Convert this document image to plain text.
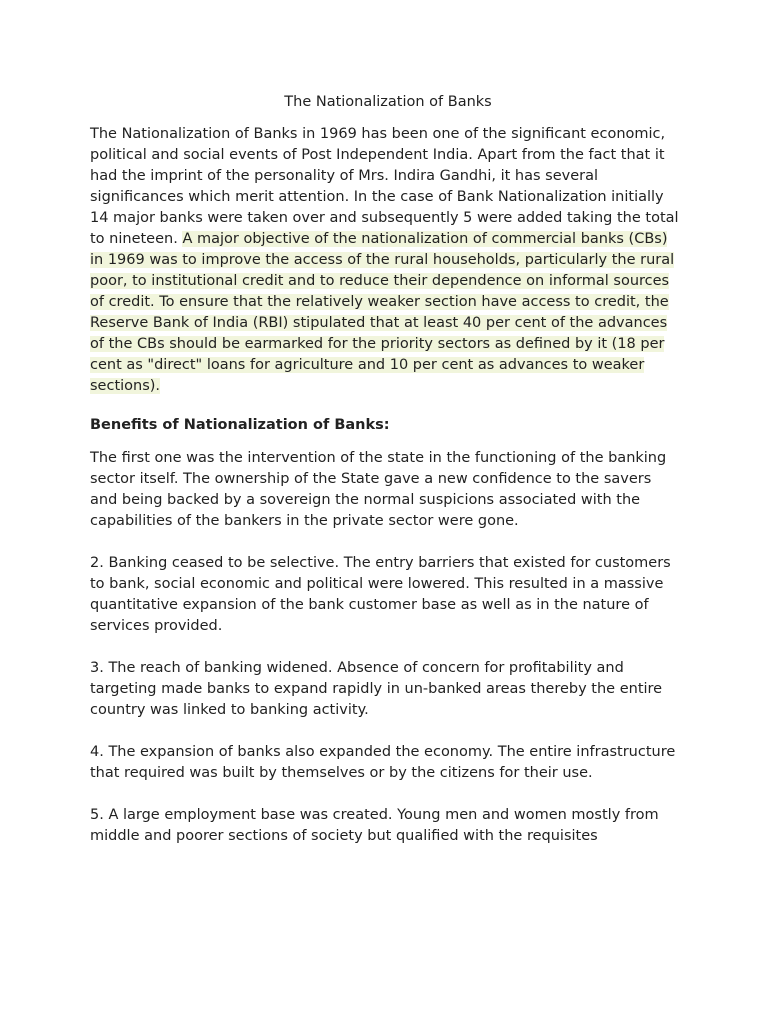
The Nationalization of Banks

The Nationalization of Banks in 1969 has been one of the significant economic, political and social events of Post Independent India. Apart from the fact that it had the imprint of the personality of Mrs. Indira Gandhi, it has several significances which merit attention. In the case of Bank Nationalization initially 14 major banks were taken over and subsequently 5 were added taking the total to nineteen. A major objective of the nationalization of commercial banks (CBs) in 1969 was to improve the access of the rural households, particularly the rural poor, to institutional credit and to reduce their dependence on informal sources of credit. To ensure that the relatively weaker section have access to credit, the Reserve Bank of India (RBI) stipulated that at least 40 per cent of the advances of the CBs should be earmarked for the priority sectors as defined by it (18 per cent as "direct" loans for agriculture and 10 per cent as advances to weaker sections).

Benefits of Nationalization of Banks:

The first one was the intervention of the state in the functioning of the banking sector itself. The ownership of the State gave a new confidence to the savers and being backed by a sovereign the normal suspicions associated with the capabilities of the bankers in the private sector were gone.

2. Banking ceased to be selective. The entry barriers that existed for customers to bank, social economic and political were lowered. This resulted in a massive quantitative expansion of the bank customer base as well as in the nature of services provided.

3. The reach of banking widened. Absence of concern for profitability and targeting made banks to expand rapidly in un-banked areas thereby the entire country was linked to banking activity.

4. The expansion of banks also expanded the economy. The entire infrastructure that required was built by themselves or by the citizens for their use.

5. A large employment base was created. Young men and women mostly from middle and poorer sections of society but qualified with the requisites
